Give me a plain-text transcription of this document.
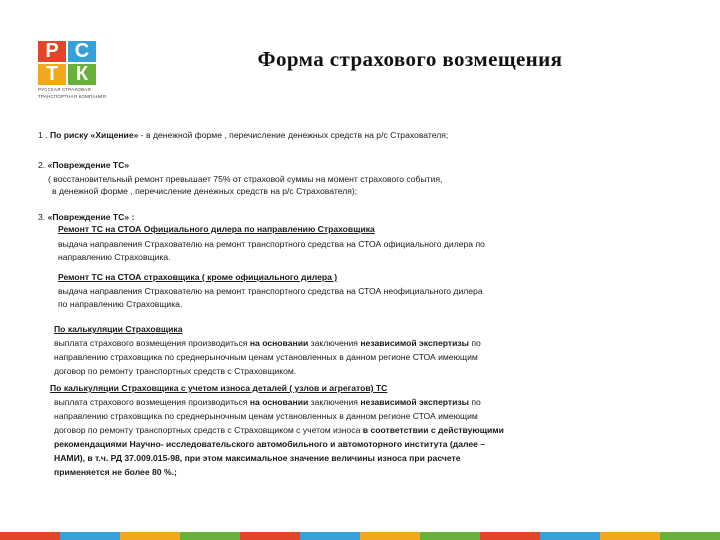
Р С
Т К
РУССКАЯ СТРАХОВАЯ
ТРАНСПОРТНАЯ КОМПАНИЯ
Форма страхового возмещения
1 . По риску «Хищение» - в денежной форме , перечисление денежных средств на р/с Страхователя;
2. «Повреждение ТС»
( восстановительный ремонт превышает 75% от страховой суммы на момент страхового события,
в денежной форме , перечисление денежных средств на р/с Страхователя);
3. «Повреждение ТС» :
Ремонт ТС на СТОА Официального дилера по направлению Страховщика
выдача направления Страхователю на ремонт транспортного средства на СТОА официального дилера по
направлению Страховщика.
Ремонт ТС на СТОА страховщика ( кроме официального дилера )
выдача направления Страхователю на ремонт транспортного средства на СТОА неофициального дилера
по направлению Страховщика.
По калькуляции Страховщика
выплата страхового возмещения производиться на основании заключения независимой экспертизы по
направлению страховщика по среднерыночным ценам установленных в данном регионе СТОА имеющим
договор по ремонту транспортных средств с Страховщиком.
По калькуляции Страховщика с учетом износа деталей ( узлов и агрегатов) ТС
выплата страхового возмещения производиться на основании заключения независимой экспертизы по
направлению страховщика по среднерыночным ценам установленных в данном регионе СТОА имеющим
договор по ремонту транспортных средств с Страховщиком с учетом износа в соответствии с действующими
рекомендациями Научно- исследовательского автомобильного и автомоторного института (далее –
НАМИ), в т.ч. РД 37.009.015-98, при этом максимальное значение величины износа при расчете
применяется не более 80 %.;
